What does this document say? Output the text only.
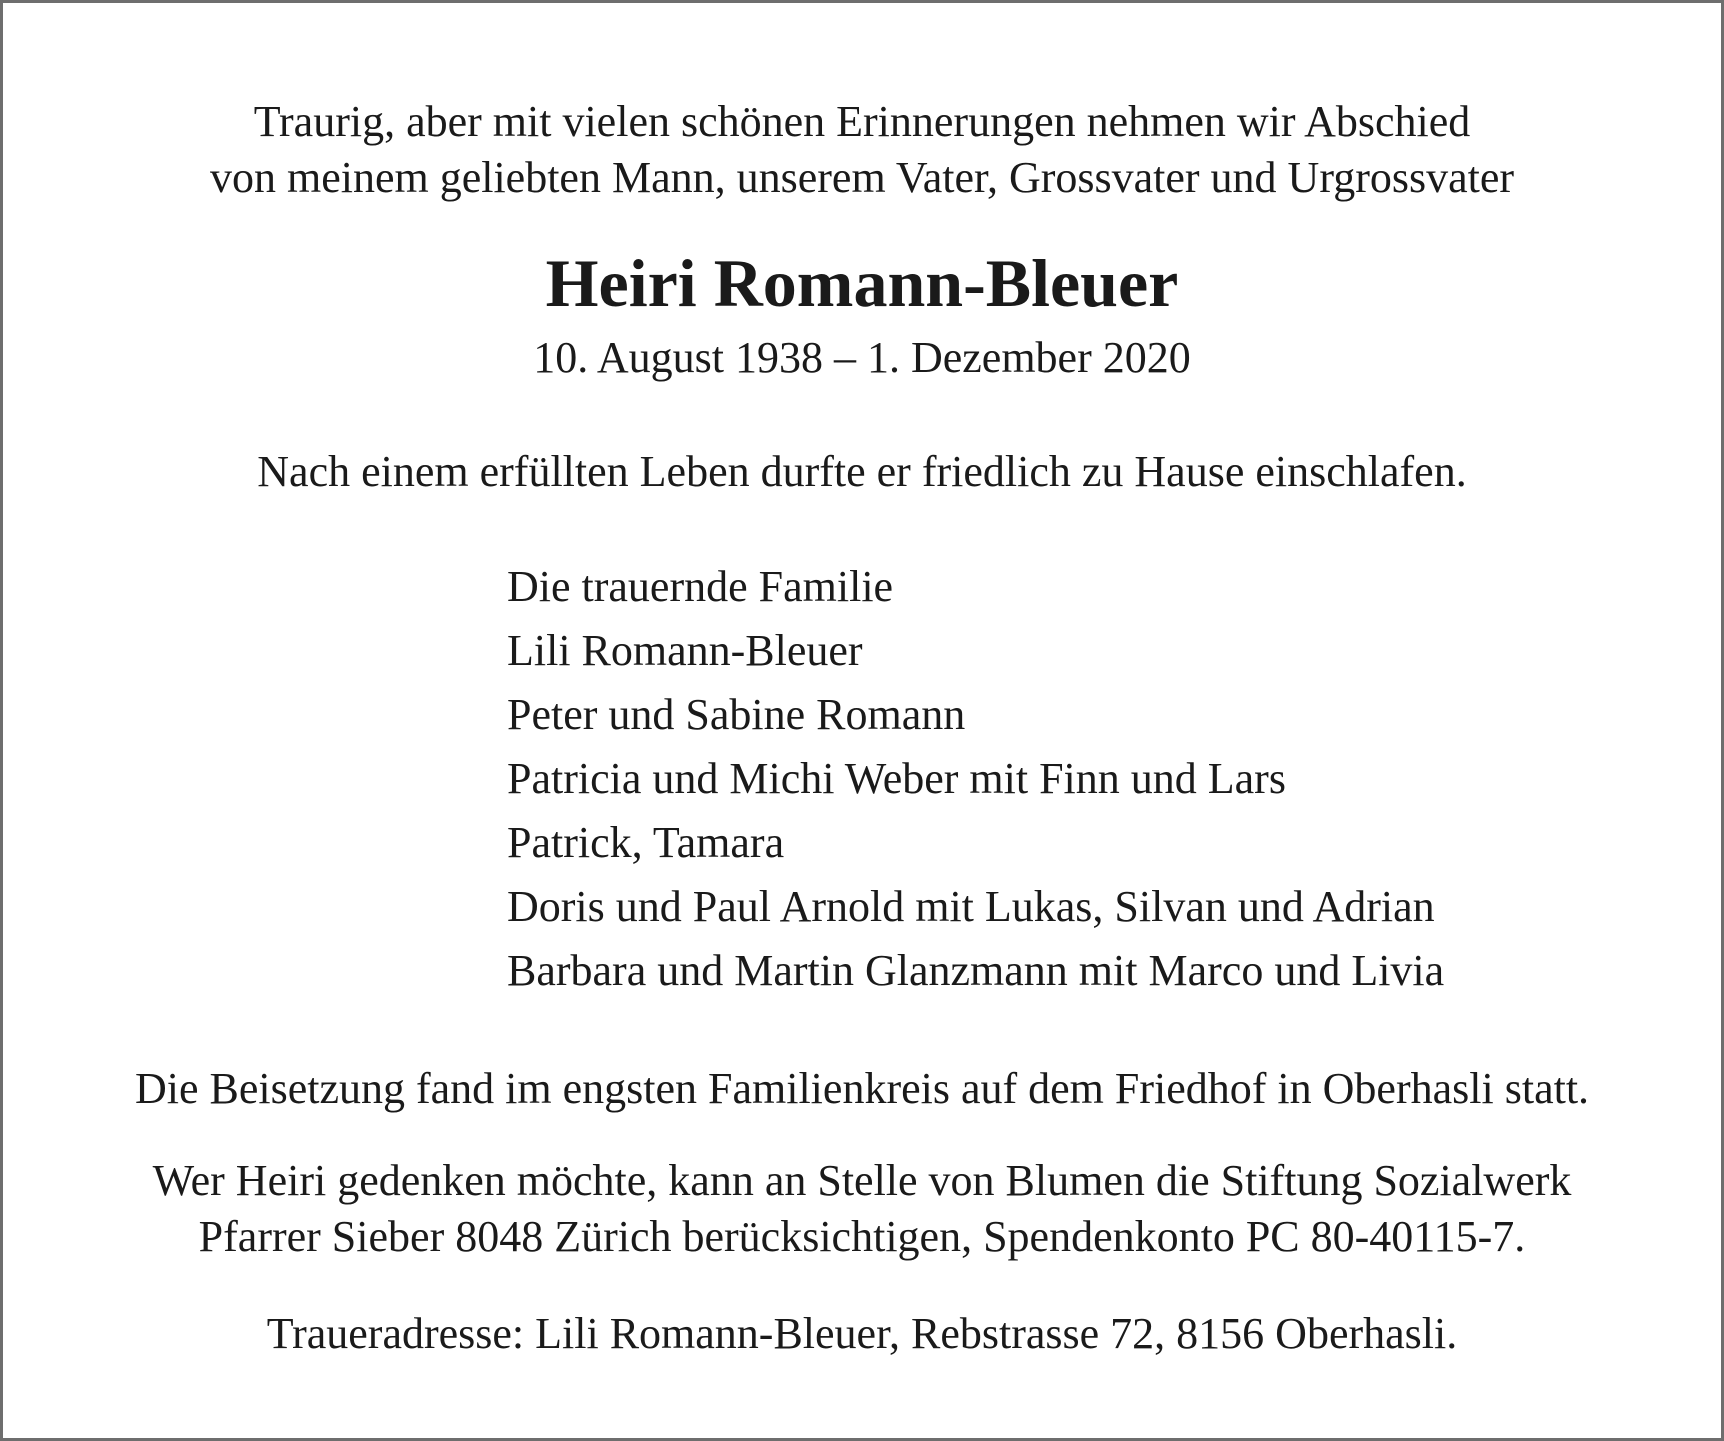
Traurig, aber mit vielen schönen Erinnerungen nehmen wir Abschied
von meinem geliebten Mann, unserem Vater, Grossvater und Urgrossvater
Heiri Romann-Bleuer
10. August 1938 – 1. Dezember 2020
Nach einem erfüllten Leben durfte er friedlich zu Hause einschlafen.
Die trauernde Familie
Lili Romann-Bleuer
Peter und Sabine Romann
Patricia und Michi Weber mit Finn und Lars
Patrick, Tamara
Doris und Paul Arnold mit Lukas, Silvan und Adrian
Barbara und Martin Glanzmann mit Marco und Livia
Die Beisetzung fand im engsten Familienkreis auf dem Friedhof in Oberhasli statt.
Wer Heiri gedenken möchte, kann an Stelle von Blumen die Stiftung Sozialwerk
Pfarrer Sieber 8048 Zürich berücksichtigen, Spendenkonto PC 80-40115-7.
Traueradresse: Lili Romann-Bleuer, Rebstrasse 72, 8156 Oberhasli.
